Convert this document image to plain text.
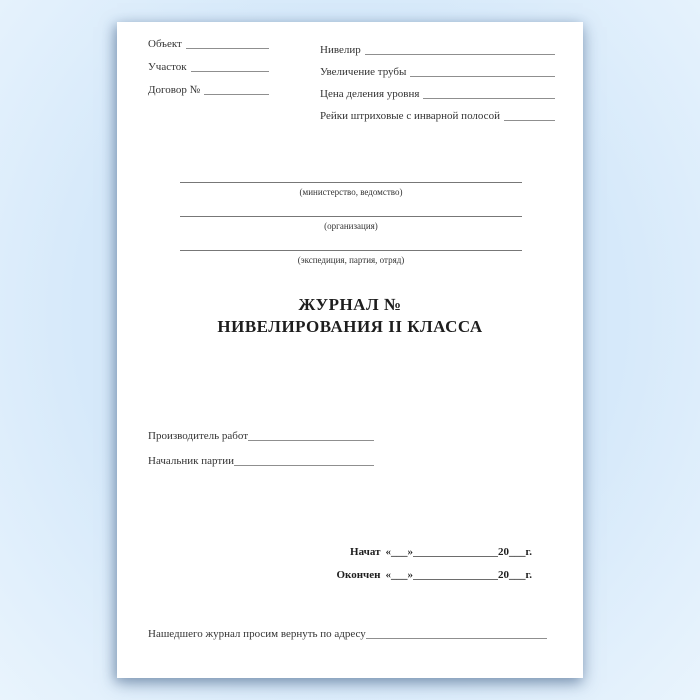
Объект
Участок
Договор №
Нивелир
Увеличение трубы
Цена деления уровня
Рейки штриховые с инварной полосой
(министерство, ведомство)
(организация)
(экспедиция, партия, отряд)
ЖУРНАЛ №
НИВЕЛИРОВАНИЯ II КЛАССА
Производитель работ
Начальник партии
Начат «___»	20___г.
Окончен «___»	20___г.
Нашедшего журнал просим вернуть по адресу
